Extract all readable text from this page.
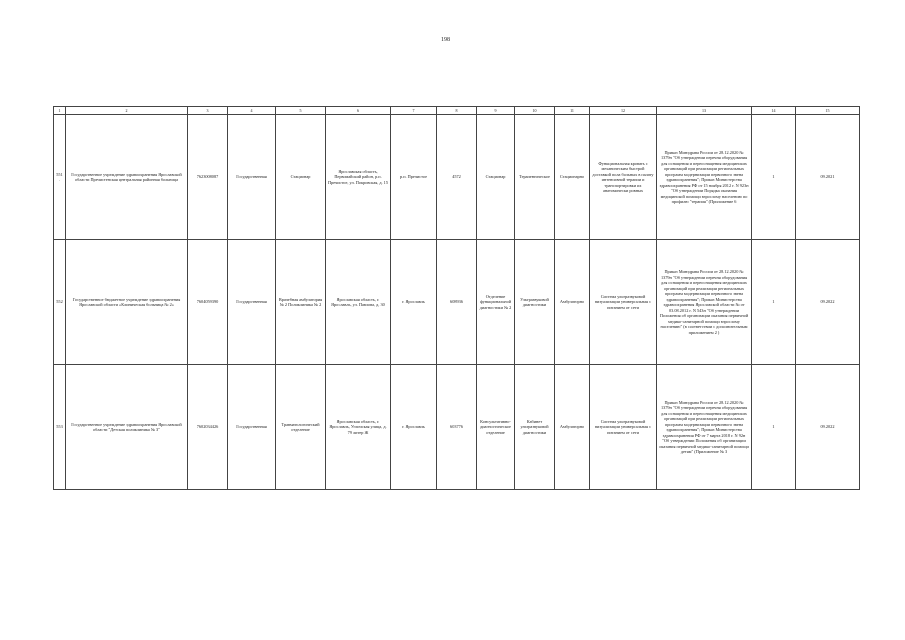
198
1	2	3	4	5	6	7	8	9	10	11	12	13	14	15
551.	Государственное учреждение здравоохранения Ярославской области Пречистенская центральная районная больница	7623008087	Государственная	Стационар	Ярославская область, Первомайский район, р.п. Пречистое, ул. Покровская, д. 15	р.п. Пречистое	4572	Стационар	Терапевтическое	Стационарно	Функциональная кровать с механическим быстрой доставкой пола больных в палату интенсивной терапии и транспортировки их анатомически ровных	Приказ Минздрава России от 28.12.2020 № 1379н "Об утверждении перечня оборудования для оснащения и переоснащения медицинских организаций при реализации региональных программ модернизации первичного звена здравоохранения"; Приказ Министерства здравоохранения РФ от 15 ноября 2012 г. N 923н "Об утверждении Порядка оказания медицинской помощи взрослому населению по профилю "терапия" (Приложение 6	1	09.2021
552	Государственное бюджетное учреждение здравоохранения Ярославской области «Клиническая больница № 2»	7604059390	Государственная	Врачебная амбулатория № 2 Поликлиника № 2	Ярославская область, г. Ярославль, ул. Павлова, д. 30	г. Ярославль	608936	Отделение функциональной диагностики № 2	Ультразвуковой диагностики	Амбулаторно	Система ультразвуковой визуализации универсальная с питанием от сети	Приказ Минздрава России от 28.12.2020 № 1379н "Об утверждении перечня оборудования для оснащения и переоснащения медицинских организаций при реализации региональных программ модернизации первичного звена здравоохранения"; Приказ Министерства здравоохранения Ярославской области № от 03.08.2012 г. N 543н "Об утверждении Положения об организации оказания первичной медико-санитарной помощи взрослому населению" (в соответствии с дополнительным приложением 2 )	1	09.2022
553	Государственное учреждение здравоохранения Ярославской области "Детская поликлиника № 3"	7602034426	Государственная	Травматологический отделение	Ярославская область, г. Ярославль, Угличская улица, д. 79 литер Ж	г. Ярославль	603776	Консультативно-диагностическое отделение	Кабинет ультразвуковой диагностики	Амбулаторно	Система ультразвуковой визуализации универсальная с питанием от сети	Приказ Минздрава России от 28.12.2020 № 1379н "Об утверждении перечня оборудования для оснащения и переоснащения медицинских организаций при реализации региональных программ модернизации первичного звена здравоохранения"; Приказ Министерства здравоохранения РФ от 7 марта 2018 г. N 92н "Об утверждении Положения об организации оказания первичной медико-санитарной помощи детям" (Приложение № 3	1	09.2022
